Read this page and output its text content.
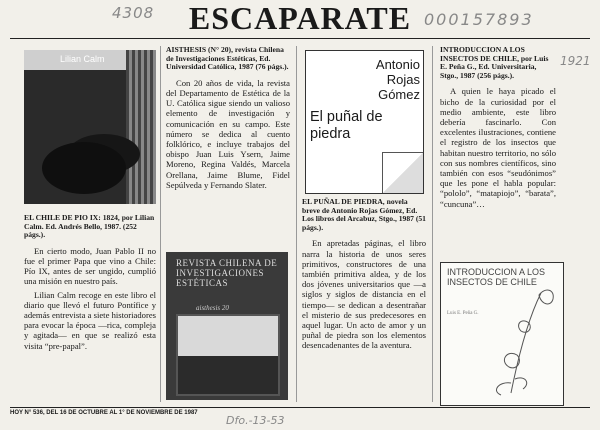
4308	000157893
1921
ESCAPARATE
Lilian Calm
EL CHILE DE PIO IX: 1824, por Lilian Calm. Ed. Andrés Bello, 1987. (252 págs.).

En cierto modo, Juan Pablo II no fue el primer Papa que vino a Chile: Pío IX, antes de ser ungido, cumplió una misión en nuestro país.

Lilian Calm recoge en este libro el diario que llevó el futuro Pontífice y además entrevista a siete historiadores para evocar la época —rica, compleja y agitada— en que se realizó esta visita “pre-papal”.

AISTHESIS (N° 20), revista Chilena de Investigaciones Estéticas, Ed. Universidad Católica, 1987 (76 págs.).

Con 20 años de vida, la revista del Departamento de Estética de la U. Católica sigue siendo un valioso elemento de investigación y comunicación en su campo. Este número se dedica al cuento folklórico, e incluye trabajos del obispo Juan Luis Ysern, Jaime Moreno, Regina Valdés, Marcela Orellana, Jaime Blume, Fidel Sepúlveda y Fernando Slater.

REVISTA CHILENA DE INVESTIGACIONES ESTÉTICAS
aisthesis 20
Antonio Rojas Gómez
El puñal de piedra
EL PUÑAL DE PIEDRA, novela breve de Antonio Rojas Gómez, Ed. Los libros del Arcabuz, Stgo., 1987 (51 págs.).

En apretadas páginas, el libro narra la historia de unos seres primitivos, constructores de una también primitiva aldea, y de los dos jóvenes universitarios que —a siglos y siglos de distancia en el tiempo— se dedican a desentrañar el misterio de sus predecesores en aquel lugar. Un acto de amor y un puñal de piedra son los elementos desencadenantes de la aventura.

INTRODUCCION A LOS INSECTOS DE CHILE, por Luis E. Peña G., Ed. Universitaria, Stgo., 1987 (256 págs.).

A quien le haya picado el bicho de la curiosidad por el medio ambiente, este libro debería fascinarlo. Con excelentes ilustraciones, contiene el registro de los insectos que habitan nuestro territorio, no sólo con sus nombres científicos, sino también con esos “seudónimos” que les pone el habla popular: “pololo”, “matapiojo”, “barata”, “cuncuna”…

INTRODUCCION A LOS INSECTOS DE CHILE
Luis E. Peña G.
HOY N° 536, DEL 16 DE OCTUBRE AL 1° DE NOVIEMBRE DE 1987
Dfo.-13-53
